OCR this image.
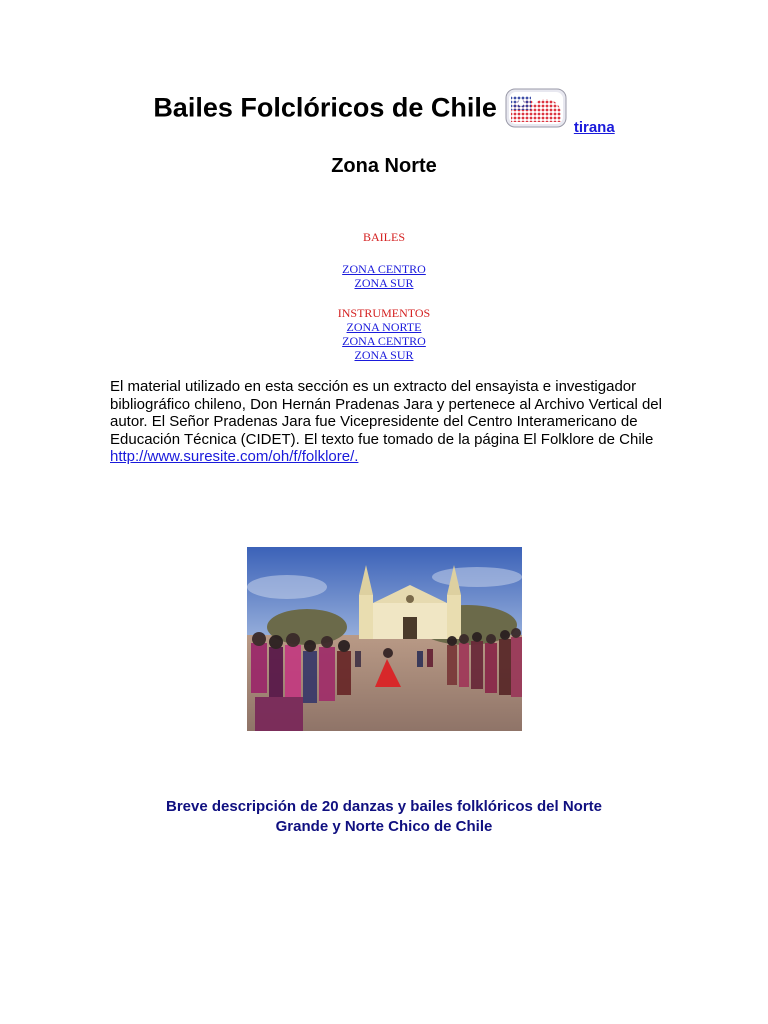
Bailes Folclóricos de Chile  tirana
Zona Norte
BAILES
ZONA CENTRO
ZONA SUR
INSTRUMENTOS
ZONA NORTE
ZONA CENTRO
ZONA SUR

El material utilizado en esta sección es un extracto del ensayista e investigador bibliográfico chileno, Don Hernán Pradenas Jara y pertenece al Archivo Vertical del autor. El Señor Pradenas Jara fue Vicepresidente del Centro Interamericano de Educación Técnica (CIDET). El texto fue tomado de la página El Folklore de Chile http://www.suresite.com/oh/f/folklore/.

Breve descripción de 20 danzas y bailes folklóricos del Norte
Grande y Norte Chico de Chile
